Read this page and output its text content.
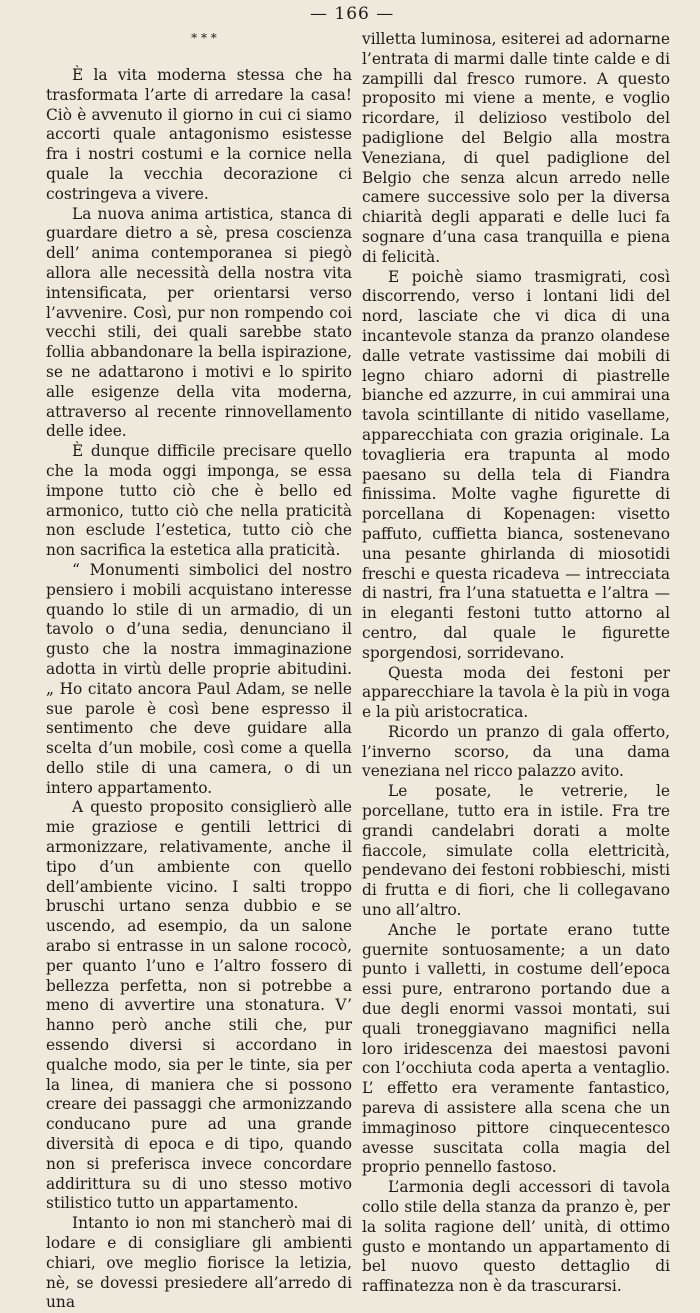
— 166 —
* * *

È la vita moderna stessa che ha trasformata l’arte di arredare la casa! Ciò è avvenuto il giorno in cui ci siamo accorti quale antagonismo esistesse fra i nostri costumi e la cornice nella quale la vecchia decorazione ci costringeva a vivere.

La nuova anima artistica, stanca di guardare dietro a sè, presa coscienza dell’ anima contemporanea si piegò allora alle necessità della nostra vita intensificata, per orientarsi verso l’avvenire. Così, pur non rompendo coi vecchi stili, dei quali sarebbe stato follia abbandonare la bella ispirazione, se ne adattarono i motivi e lo spirito alle esigenze della vita moderna, attraverso al recente rinnovellamento delle idee.

È dunque difficile precisare quello che la moda oggi imponga, se essa impone tutto ciò che è bello ed armonico, tutto ciò che nella praticità non esclude l’estetica, tutto ciò che non sacrifica la estetica alla praticità.

“ Monumenti simbolici del nostro pensiero i mobili acquistano interesse quando lo stile di un armadio, di un tavolo o d’una sedia, denunciano il gusto che la nostra immaginazione adotta in virtù delle proprie abitudini. „ Ho citato ancora Paul Adam, se nelle sue parole è così bene espresso il sentimento che deve guidare alla scelta d’un mobile, così come a quella dello stile di una camera, o di un intero appartamento.

A questo proposito consiglierò alle mie graziose e gentili lettrici di armonizzare, relativamente, anche il tipo d’un ambiente con quello dell’ambiente vicino. I salti troppo bruschi urtano senza dubbio e se uscendo, ad esempio, da un salone arabo si entrasse in un salone rococò, per quanto l’uno e l’altro fossero di bellezza perfetta, non si potrebbe a meno di avvertire una stonatura. V’ hanno però anche stili che, pur essendo diversi si accordano in qualche modo, sia per le tinte, sia per la linea, di maniera che si possono creare dei passaggi che armonizzando conducano pure ad una grande diversità di epoca e di tipo, quando non si preferisca invece concordare addirittura su di uno stesso motivo stilistico tutto un appartamento.

Intanto io non mi stancherò mai di lodare e di consigliare gli ambienti chiari, ove meglio fiorisce la letizia, nè, se dovessi presiedere all’arredo di una

villetta luminosa, esiterei ad adornarne l’entrata di marmi dalle tinte calde e di zampilli dal fresco rumore. A questo proposito mi viene a mente, e voglio ricordare, il delizioso vestibolo del padiglione del Belgio alla mostra Veneziana, di quel padiglione del Belgio che senza alcun arredo nelle camere successive solo per la diversa chiarità degli apparati e delle luci fa sognare d’una casa tranquilla e piena di felicità.

E poichè siamo trasmigrati, così discorrendo, verso i lontani lidi del nord, lasciate che vi dica di una incantevole stanza da pranzo olandese dalle vetrate vastissime dai mobili di legno chiaro adorni di piastrelle bianche ed azzurre, in cui ammirai una tavola scintillante di nitido vasellame, apparecchiata con grazia originale. La tovaglieria era trapunta al modo paesano su della tela di Fiandra finissima. Molte vaghe figurette di porcellana di Kopenagen: visetto paffuto, cuffietta bianca, sostenevano una pesante ghirlanda di miosotidi freschi e questa ricadeva — intrecciata di nastri, fra l’una statuetta e l’altra — in eleganti festoni tutto attorno al centro, dal quale le figurette sporgendosi, sorridevano.

Questa moda dei festoni per apparecchiare la tavola è la più in voga e la più aristocratica.

Ricordo un pranzo di gala offerto, l’inverno scorso, da una dama veneziana nel ricco palazzo avito.

Le posate, le vetrerie, le porcellane, tutto era in istile. Fra tre grandi candelabri dorati a molte fiaccole, simulate colla elettricità, pendevano dei festoni robbieschi, misti di frutta e di fiori, che li collegavano uno all’altro.

Anche le portate erano tutte guernite sontuosamente; a un dato punto i valletti, in costume dell’epoca essi pure, entrarono portando due a due degli enormi vassoi montati, sui quali troneggiavano magnifici nella loro iridescenza dei maestosi pavoni con l’occhiuta coda aperta a ventaglio. L’ effetto era veramente fantastico, pareva di assistere alla scena che un immaginoso pittore cinquecentesco avesse suscitata colla magia del proprio pennello fastoso.

L’armonia degli accessori di tavola collo stile della stanza da pranzo è, per la solita ragione dell’ unità, di ottimo gusto e montando un appartamento di bel nuovo questo dettaglio di raffinatezza non è da trascurarsi.
